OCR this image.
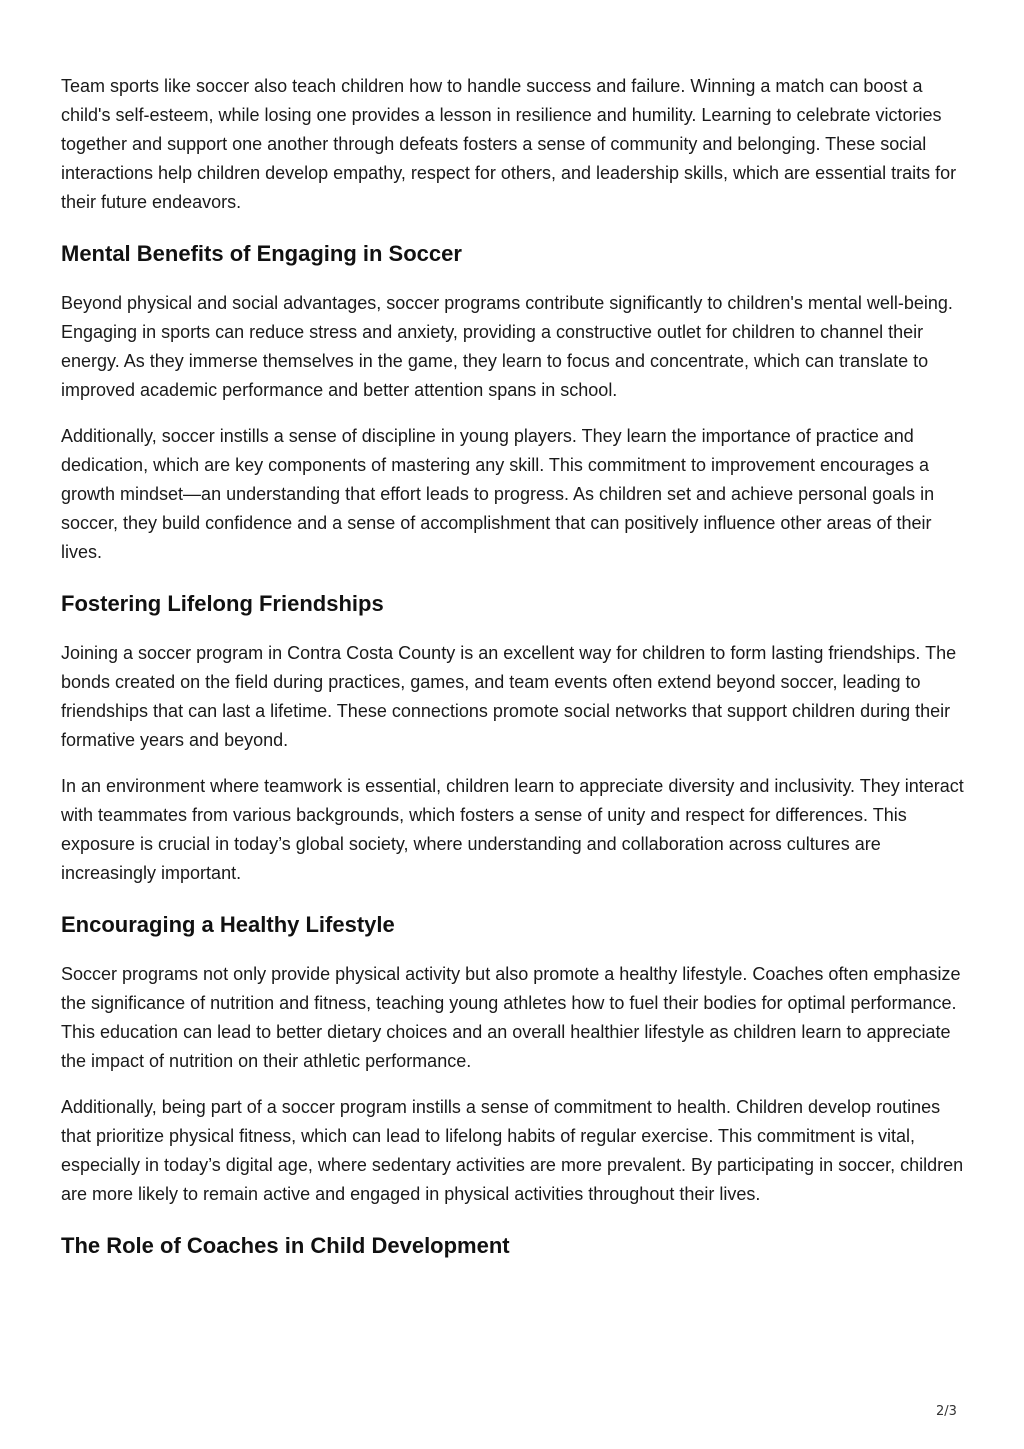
Team sports like soccer also teach children how to handle success and failure. Winning a match can boost a child's self-esteem, while losing one provides a lesson in resilience and humility. Learning to celebrate victories together and support one another through defeats fosters a sense of community and belonging. These social interactions help children develop empathy, respect for others, and leadership skills, which are essential traits for their future endeavors.

Mental Benefits of Engaging in Soccer

Beyond physical and social advantages, soccer programs contribute significantly to children's mental well-being. Engaging in sports can reduce stress and anxiety, providing a constructive outlet for children to channel their energy. As they immerse themselves in the game, they learn to focus and concentrate, which can translate to improved academic performance and better attention spans in school.

Additionally, soccer instills a sense of discipline in young players. They learn the importance of practice and dedication, which are key components of mastering any skill. This commitment to improvement encourages a growth mindset—an understanding that effort leads to progress. As children set and achieve personal goals in soccer, they build confidence and a sense of accomplishment that can positively influence other areas of their lives.

Fostering Lifelong Friendships

Joining a soccer program in Contra Costa County is an excellent way for children to form lasting friendships. The bonds created on the field during practices, games, and team events often extend beyond soccer, leading to friendships that can last a lifetime. These connections promote social networks that support children during their formative years and beyond.

In an environment where teamwork is essential, children learn to appreciate diversity and inclusivity. They interact with teammates from various backgrounds, which fosters a sense of unity and respect for differences. This exposure is crucial in today’s global society, where understanding and collaboration across cultures are increasingly important.

Encouraging a Healthy Lifestyle

Soccer programs not only provide physical activity but also promote a healthy lifestyle. Coaches often emphasize the significance of nutrition and fitness, teaching young athletes how to fuel their bodies for optimal performance. This education can lead to better dietary choices and an overall healthier lifestyle as children learn to appreciate the impact of nutrition on their athletic performance.

Additionally, being part of a soccer program instills a sense of commitment to health. Children develop routines that prioritize physical fitness, which can lead to lifelong habits of regular exercise. This commitment is vital, especially in today’s digital age, where sedentary activities are more prevalent. By participating in soccer, children are more likely to remain active and engaged in physical activities throughout their lives.

The Role of Coaches in Child Development
2/3
